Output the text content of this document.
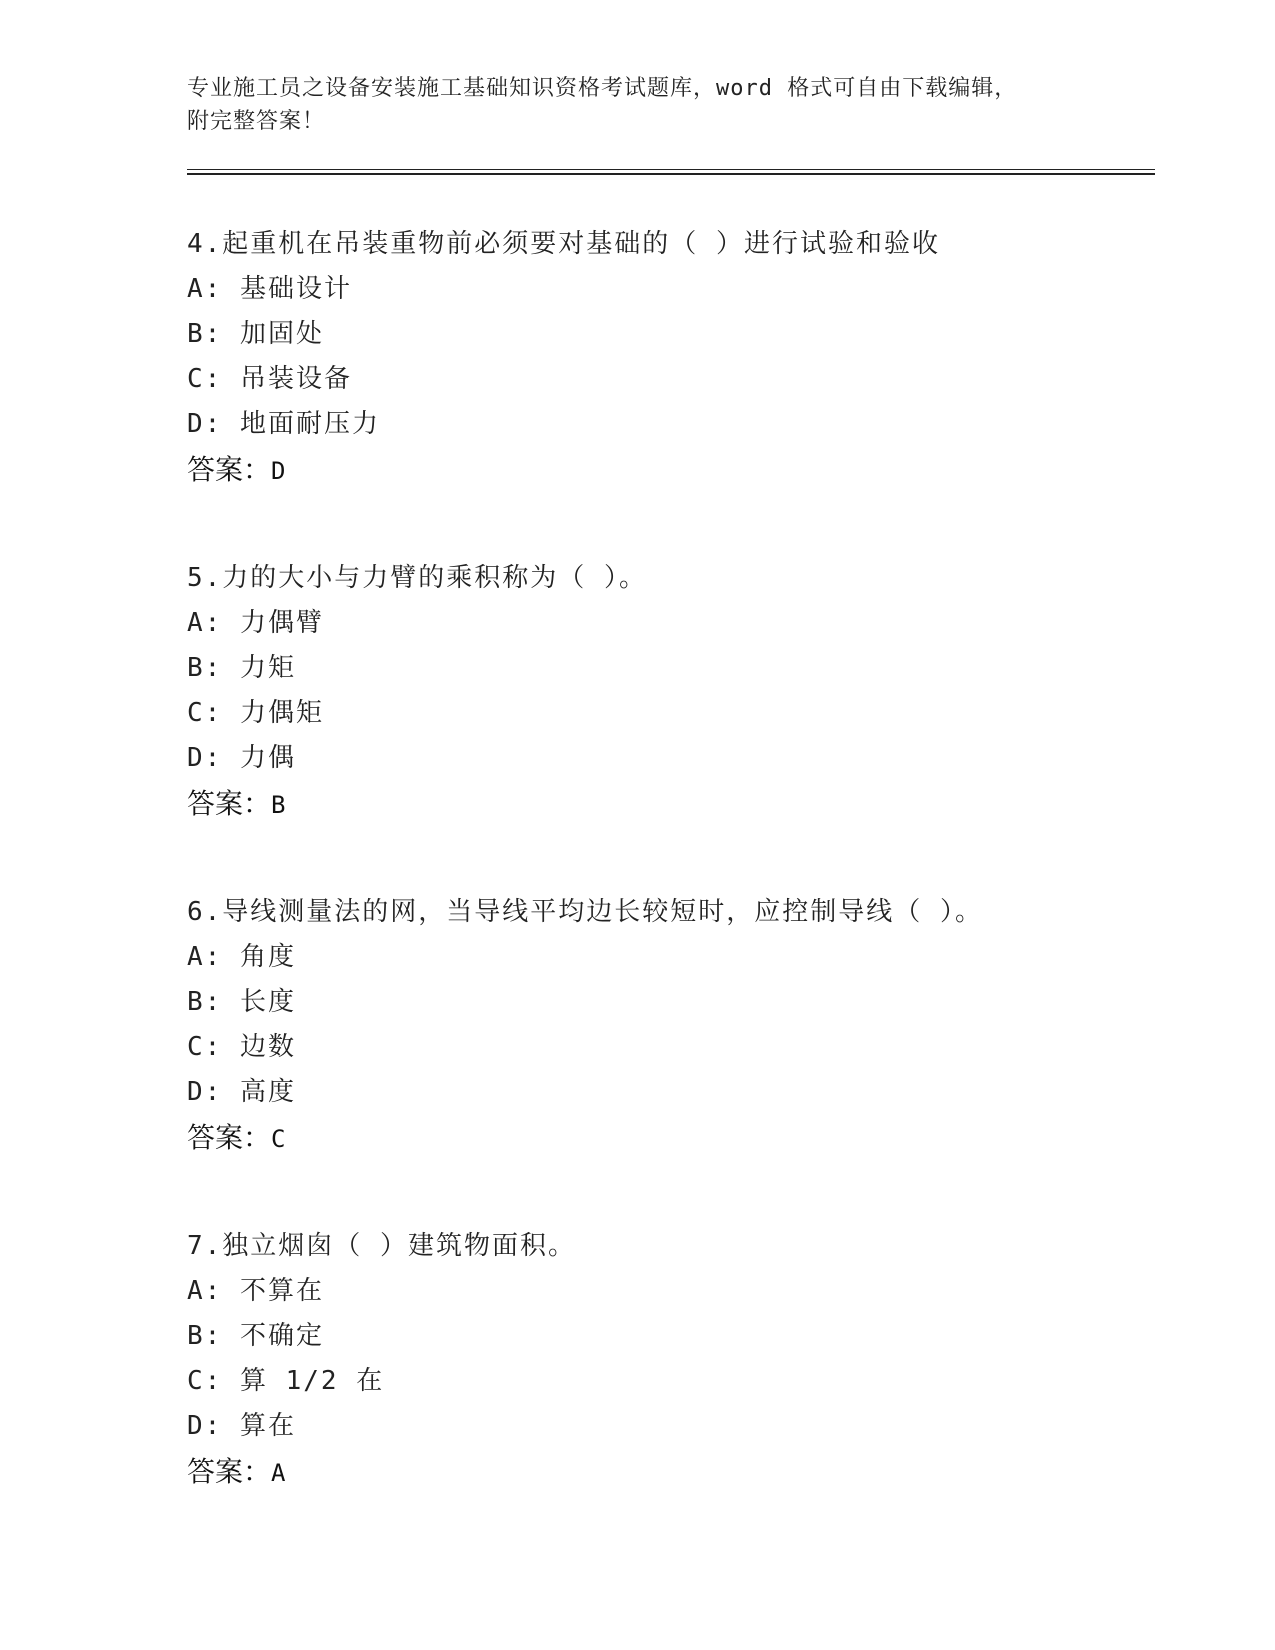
专业施工员之设备安装施工基础知识资格考试题库，word 格式可自由下载编辑，
附完整答案！

4.起重机在吊装重物前必须要对基础的（ ）进行试验和验收

A: 基础设计

B: 加固处

C: 吊装设备

D: 地面耐压力

答案：D

5.力的大小与力臂的乘积称为（ ）。

A: 力偶臂

B: 力矩

C: 力偶矩

D: 力偶

答案：B

6.导线测量法的网，当导线平均边长较短时，应控制导线（ ）。

A: 角度

B: 长度

C: 边数

D: 高度

答案：C

7.独立烟囱（ ）建筑物面积。

A: 不算在

B: 不确定

C: 算 1/2 在

D: 算在

答案：A
